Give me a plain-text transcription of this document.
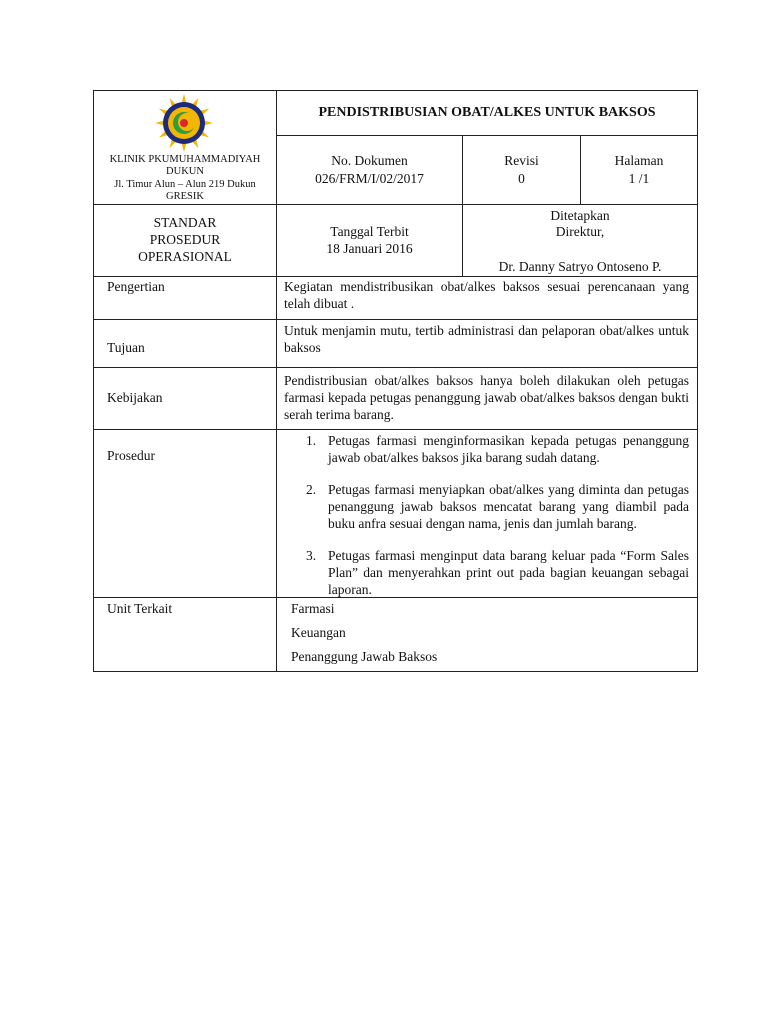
PENDISTRIBUSIAN OBAT/ALKES UNTUK BAKSOS
KLINIK PKUMUHAMMADIYAH DUKUN
Jl. Timur Alun – Alun 219 Dukun GRESIK
No. Dokumen
026/FRM/I/02/2017
Revisi
0
Halaman
1 /1
STANDAR
PROSEDUR
OPERASIONAL
Tanggal Terbit
18 Januari 2016
Ditetapkan
Direktur,
Dr. Danny Satryo Ontoseno P.
Pengertian	Kegiatan mendistribusikan obat/alkes baksos sesuai perencanaan yang telah dibuat .
Tujuan
Untuk menjamin mutu, tertib administrasi dan pelaporan obat/alkes untuk baksos
Kebijakan
Pendistribusian obat/alkes baksos hanya boleh dilakukan oleh petugas farmasi kepada petugas penanggung jawab obat/alkes baksos dengan bukti serah terima barang.
Prosedur
1. Petugas farmasi menginformasikan kepada petugas penanggung jawab obat/alkes baksos jika barang sudah datang.
2. Petugas farmasi menyiapkan obat/alkes yang diminta dan petugas penanggung jawab baksos mencatat barang yang diambil pada buku anfra sesuai dengan nama, jenis dan jumlah barang.
3. Petugas farmasi menginput data barang keluar pada “Form Sales Plan” dan menyerahkan print out pada bagian keuangan sebagai laporan.
Unit Terkait	Farmasi
Keuangan
Penanggung Jawab Baksos
